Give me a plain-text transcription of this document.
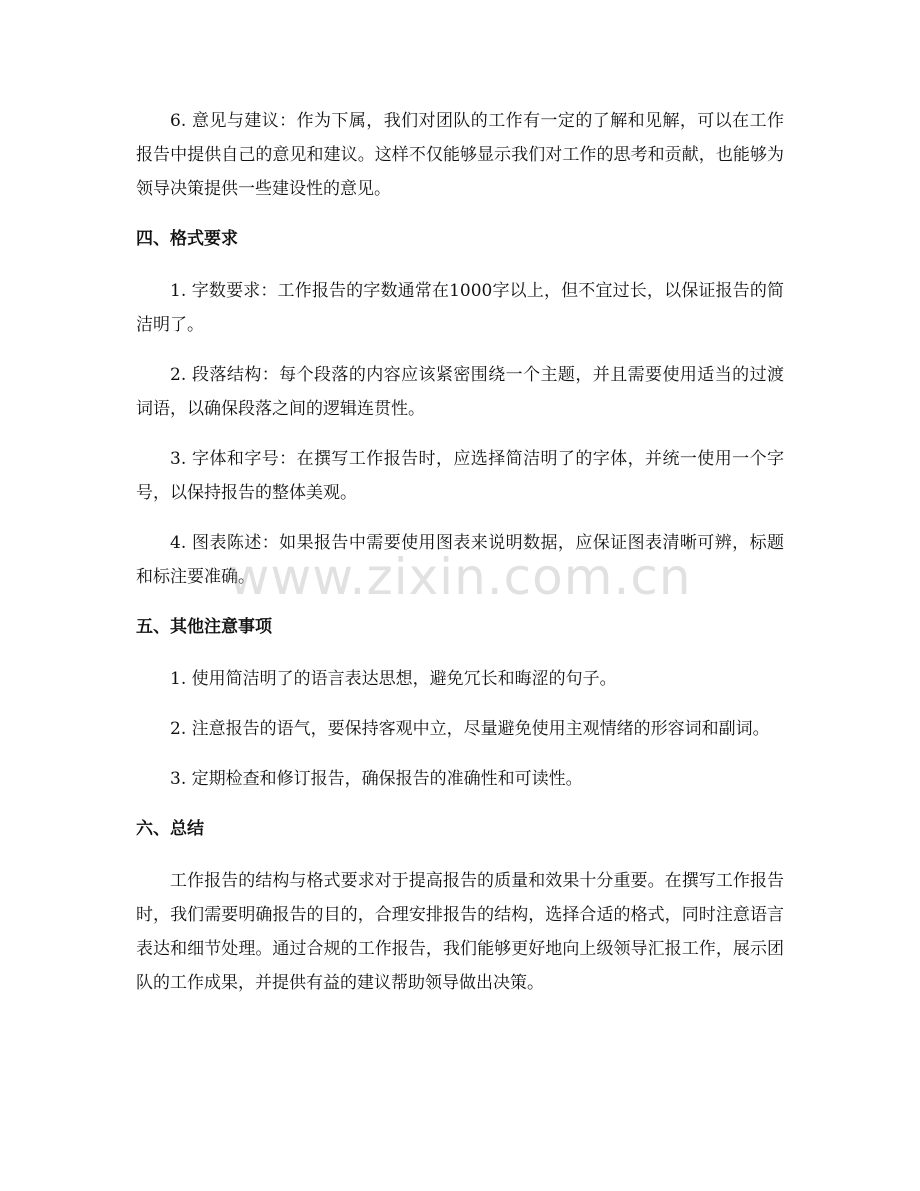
6. 意见与建议：作为下属，我们对团队的工作有一定的了解和见解，可以在工作报告中提供自己的意见和建议。这样不仅能够显示我们对工作的思考和贡献，也能够为领导决策提供一些建设性的意见。

四、格式要求

1. 字数要求：工作报告的字数通常在1000字以上，但不宜过长，以保证报告的简洁明了。

2. 段落结构：每个段落的内容应该紧密围绕一个主题，并且需要使用适当的过渡词语，以确保段落之间的逻辑连贯性。

3. 字体和字号：在撰写工作报告时，应选择简洁明了的字体，并统一使用一个字号，以保持报告的整体美观。

4. 图表陈述：如果报告中需要使用图表来说明数据，应保证图表清晰可辨，标题和标注要准确。

五、其他注意事项

1. 使用简洁明了的语言表达思想，避免冗长和晦涩的句子。

2. 注意报告的语气，要保持客观中立，尽量避免使用主观情绪的形容词和副词。

3. 定期检查和修订报告，确保报告的准确性和可读性。

六、总结

工作报告的结构与格式要求对于提高报告的质量和效果十分重要。在撰写工作报告时，我们需要明确报告的目的，合理安排报告的结构，选择合适的格式，同时注意语言表达和细节处理。通过合规的工作报告，我们能够更好地向上级领导汇报工作，展示团队的工作成果，并提供有益的建议帮助领导做出决策。

www.zixin.com.cn
